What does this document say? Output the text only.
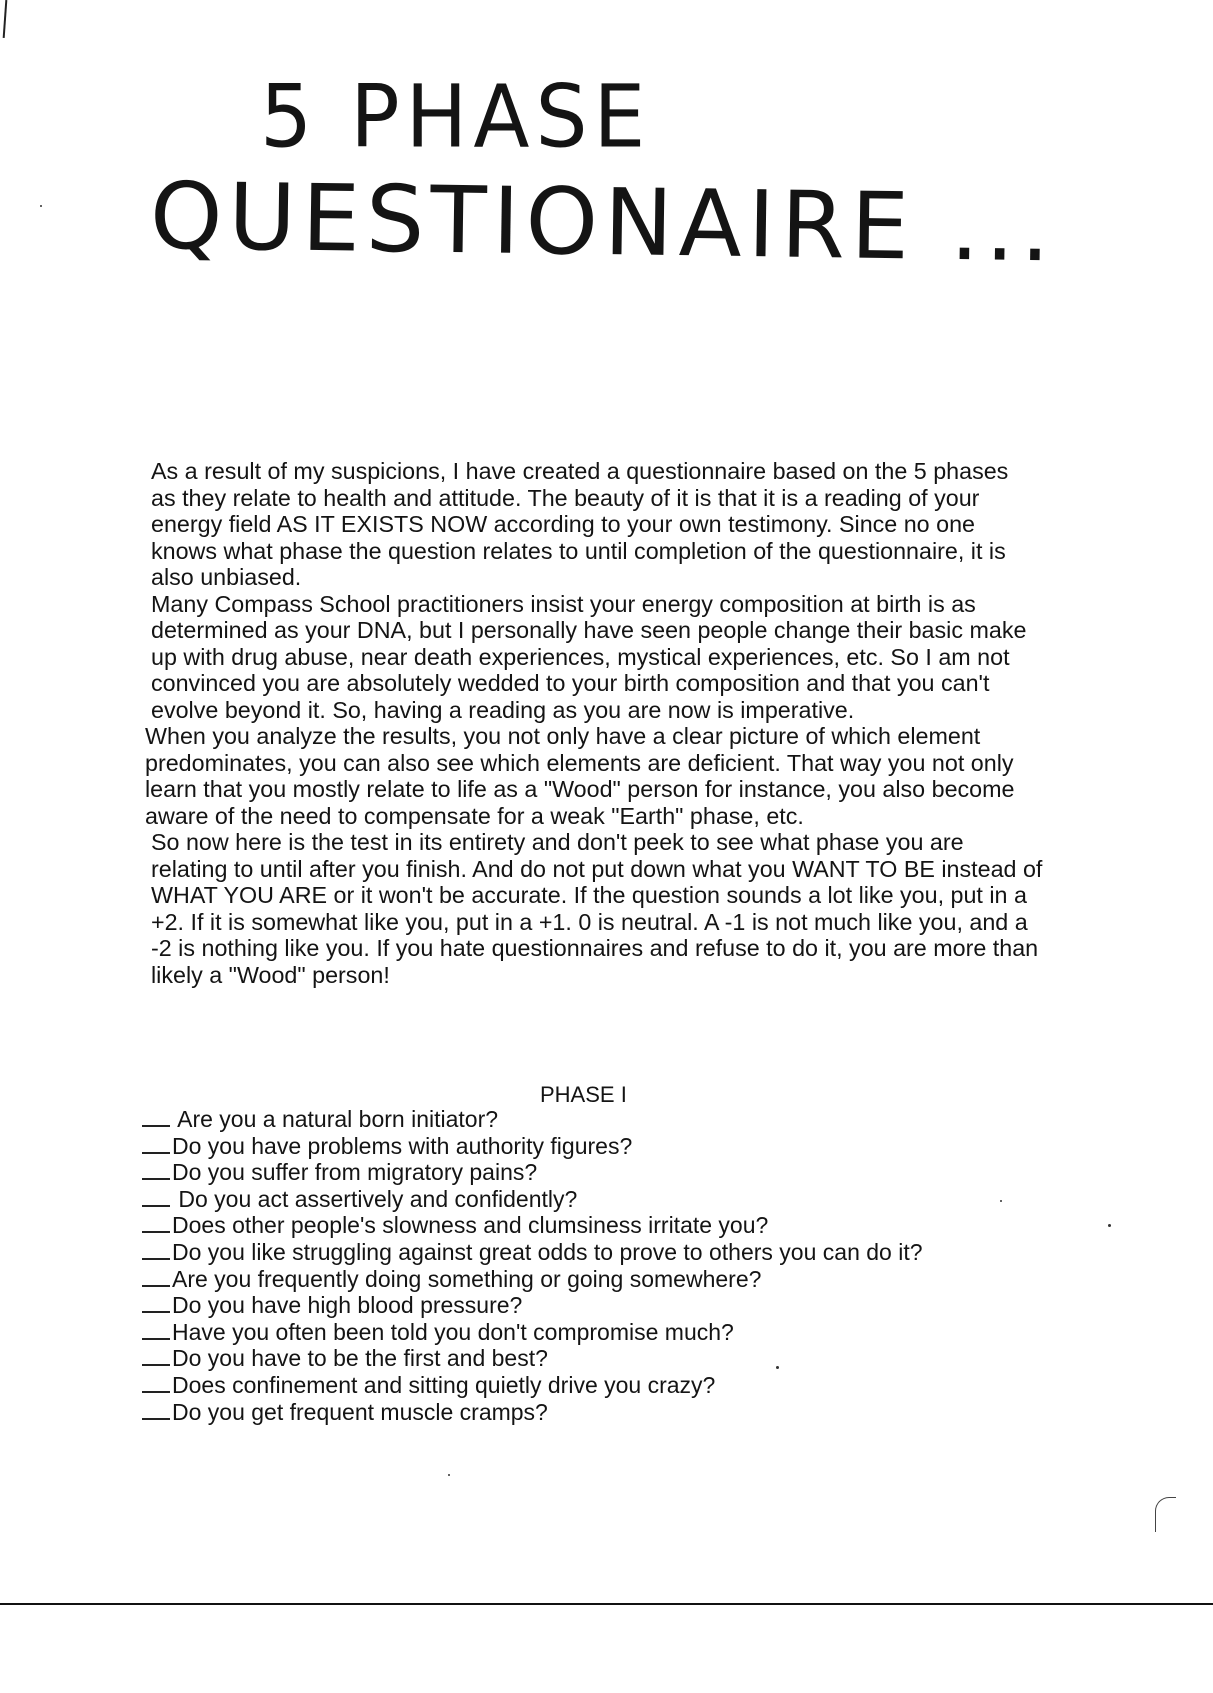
5 PHASE
QUESTIONAIRE ...

As a result of my suspicions, I have created a questionnaire based on the 5 phases
as they relate to health and attitude. The beauty of it is that it is a reading of your
energy field AS IT EXISTS NOW according to your own testimony. Since no one
knows what phase the question relates to until completion of the questionnaire, it is
also unbiased.

Many Compass School practitioners insist your energy composition at birth is as
determined as your DNA, but I personally have seen people change their basic make
up with drug abuse, near death experiences, mystical experiences, etc. So I am not
convinced you are absolutely wedded to your birth composition and that you can't
evolve beyond it. So, having a reading as you are now is imperative.

When you analyze the results, you not only have a clear picture of which element
predominates, you can also see which elements are deficient. That way you not only
learn that you mostly relate to life as a "Wood" person for instance, you also become
aware of the need to compensate for a weak "Earth" phase, etc.

So now here is the test in its entirety and don't peek to see what phase you are
relating to until after you finish. And do not put down what you WANT TO BE instead of
WHAT YOU ARE or it won't be accurate. If the question sounds a lot like you, put in a
+2. If it is somewhat like you, put in a +1. 0 is neutral. A -1 is not much like you, and a
-2 is nothing like you. If you hate questionnaires and refuse to do it, you are more than
likely a "Wood" person!

PHASE I
Are you a natural born initiator?
Do you have problems with authority figures?
Do you suffer from migratory pains?
Do you act assertively and confidently?
Does other people's slowness and clumsiness irritate you?
Do you like struggling against great odds to prove to others you can do it?
Are you frequently doing something or going somewhere?
Do you have high blood pressure?
Have you often been told you don't compromise much?
Do you have to be the first and best?
Does confinement and sitting quietly drive you crazy?
Do you get frequent muscle cramps?
